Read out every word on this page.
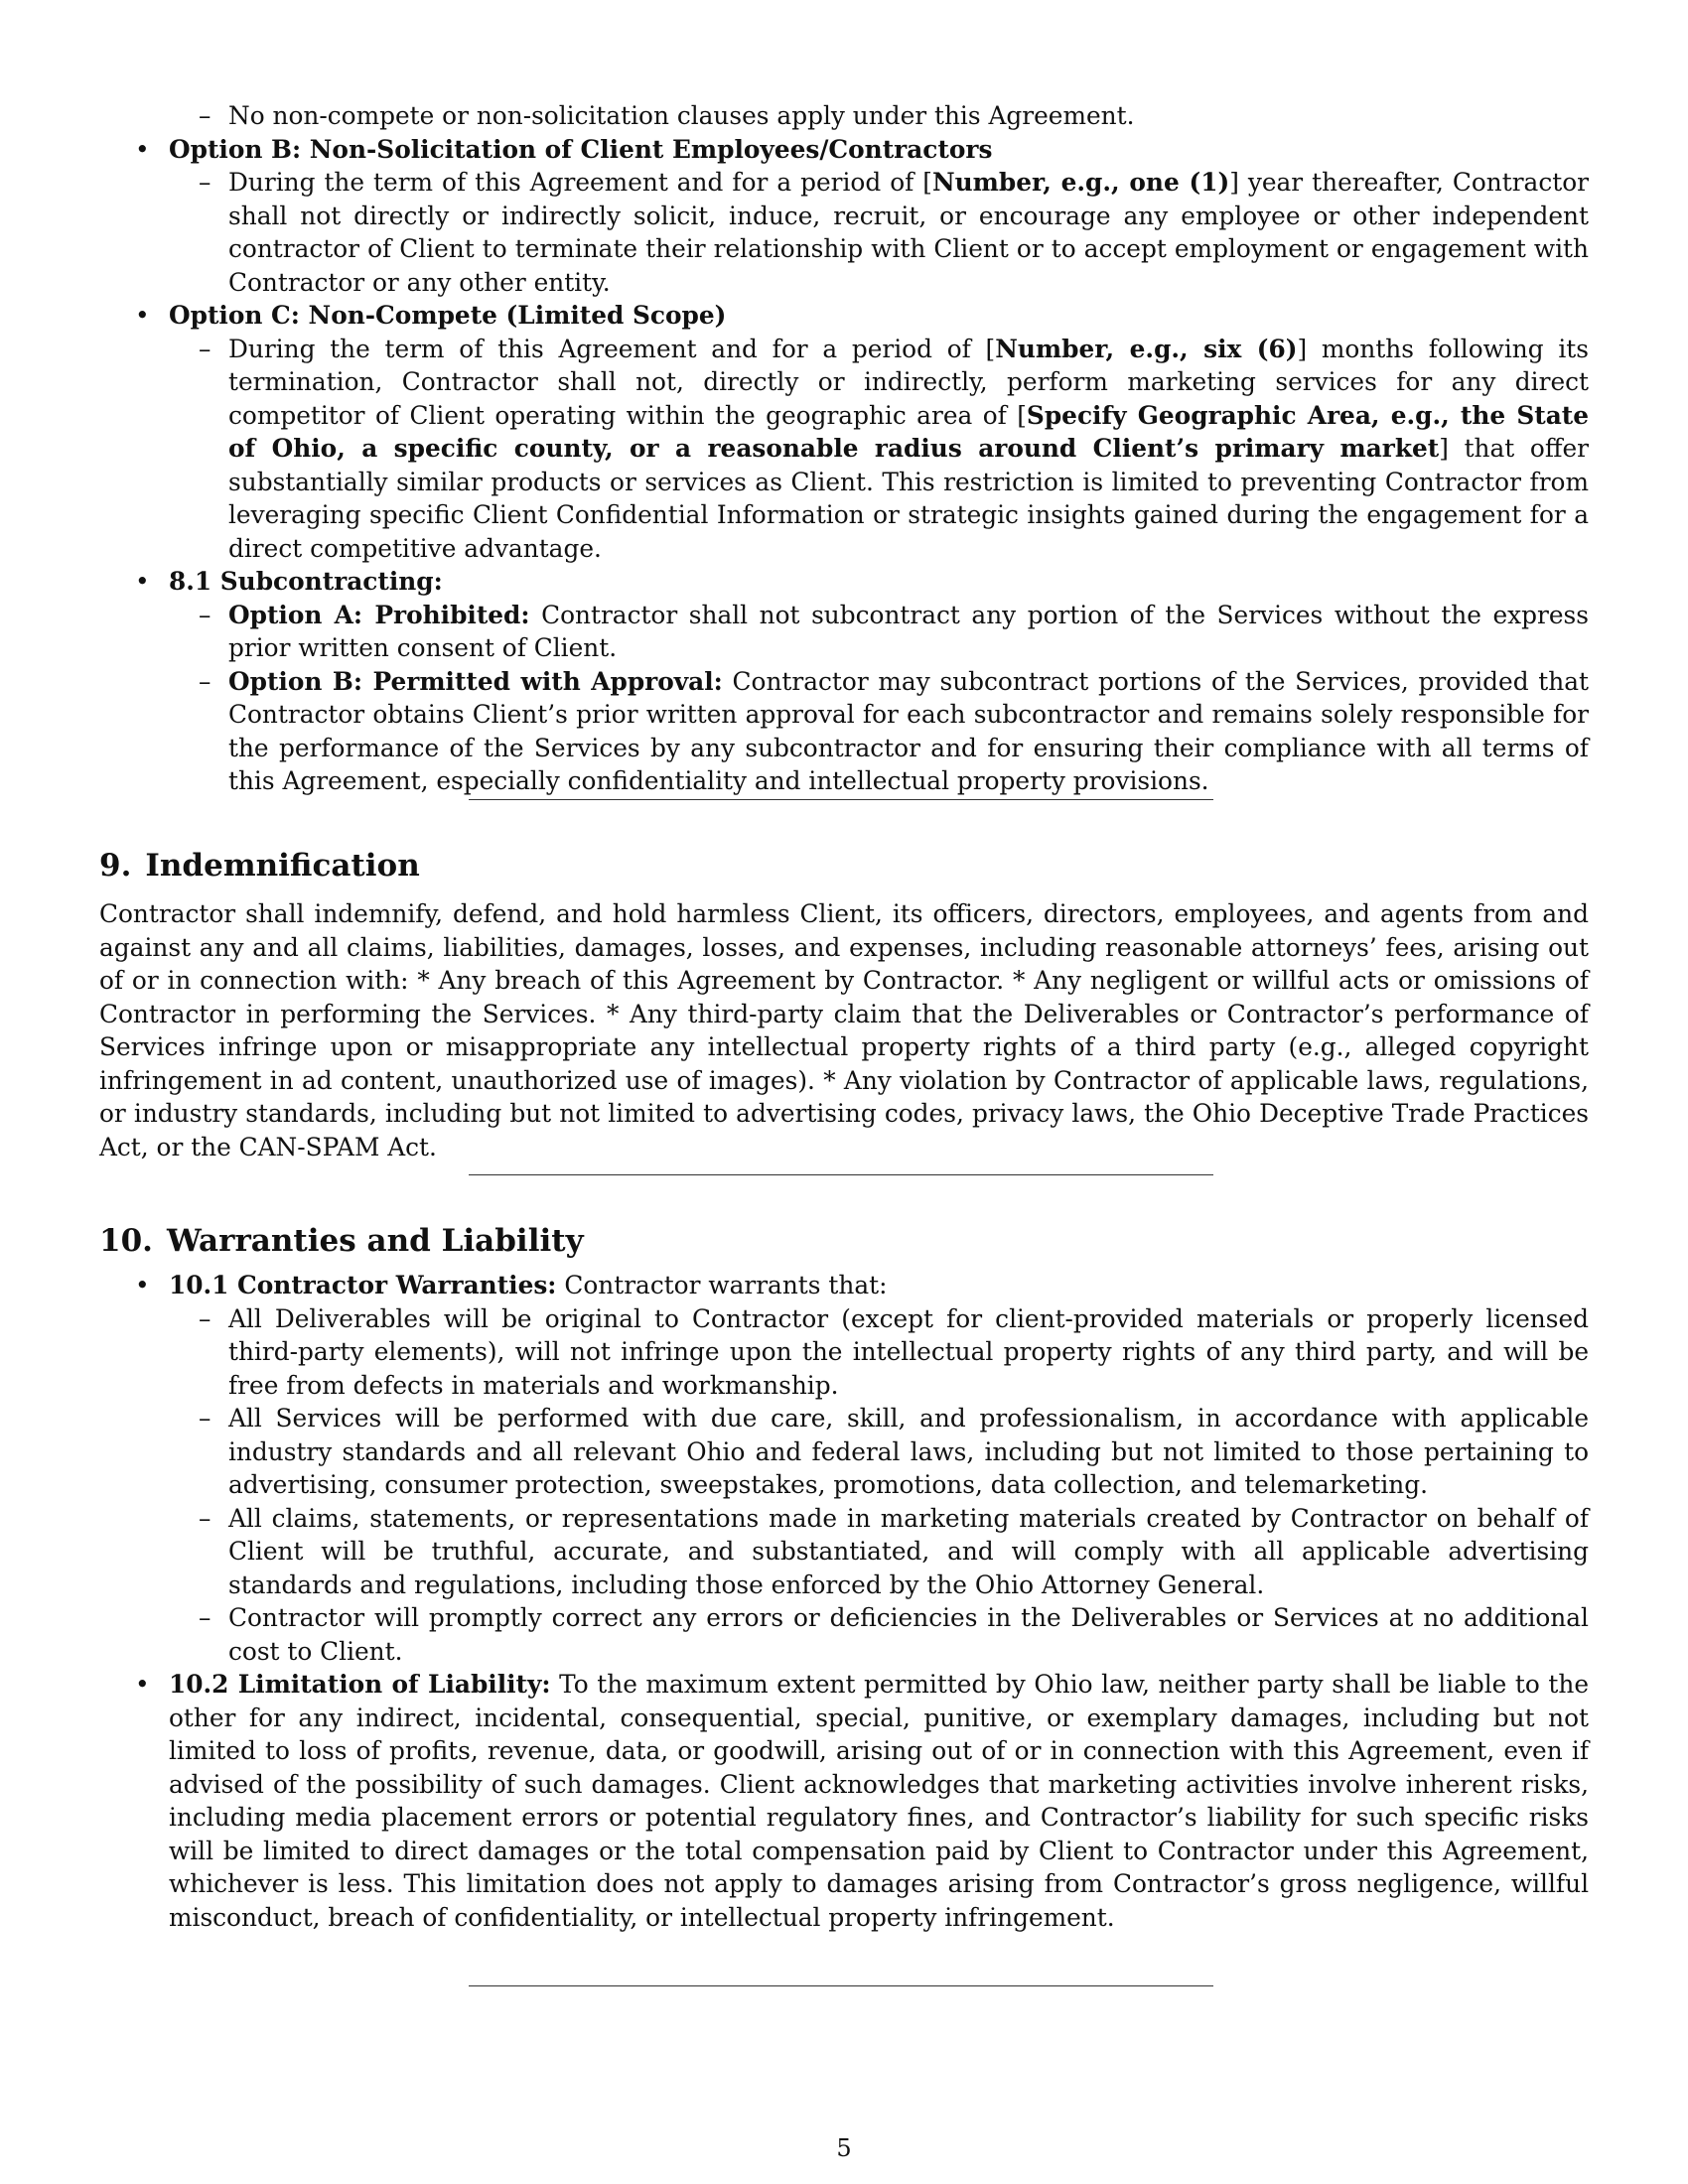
– No non-compete or non-solicitation clauses apply under this Agreement.
• Option B: Non-Solicitation of Client Employees/Contractors
– During the term of this Agreement and for a period of [Number, e.g., one (1)] year thereafter, Contractor shall not directly or indirectly solicit, induce, recruit, or encourage any employee or other independent contractor of Client to terminate their relationship with Client or to accept employment or engagement with Contractor or any other entity.
• Option C: Non-Compete (Limited Scope)
– During the term of this Agreement and for a period of [Number, e.g., six (6)] months following its termination, Contractor shall not, directly or indirectly, perform marketing services for any direct competitor of Client operating within the geographic area of [Specify Geographic Area, e.g., the State of Ohio, a specific county, or a reasonable radius around Client’s primary market] that offer substantially similar products or services as Client. This restriction is limited to preventing Contractor from leveraging specific Client Confidential Information or strategic insights gained during the engagement for a direct competitive advantage.
• 8.1 Subcontracting:
– Option A: Prohibited: Contractor shall not subcontract any portion of the Services without the express prior written consent of Client.
– Option B: Permitted with Approval: Contractor may subcontract portions of the Services, provided that Contractor obtains Client’s prior written approval for each subcontractor and remains solely responsible for the performance of the Services by any subcontractor and for ensuring their compliance with all terms of this Agreement, especially confidentiality and intellectual property provisions.
9. Indemnification

Contractor shall indemnify, defend, and hold harmless Client, its officers, directors, employees, and agents from and against any and all claims, liabilities, damages, losses, and expenses, including reasonable attorneys’ fees, arising out of or in connection with: * Any breach of this Agreement by Contractor. * Any negligent or willful acts or omissions of Contractor in performing the Services. * Any third-party claim that the Deliverables or Contractor’s performance of Services infringe upon or misappropriate any intellectual property rights of a third party (e.g., alleged copyright infringement in ad content, unauthorized use of images). * Any violation by Contractor of applicable laws, regulations, or industry standards, including but not limited to advertising codes, privacy laws, the Ohio Deceptive Trade Practices Act, or the CAN-SPAM Act.

10. Warranties and Liability
• 10.1 Contractor Warranties: Contractor warrants that:
– All Deliverables will be original to Contractor (except for client-provided materials or properly licensed third-party elements), will not infringe upon the intellectual property rights of any third party, and will be free from defects in materials and workmanship.
– All Services will be performed with due care, skill, and professionalism, in accordance with applicable industry standards and all relevant Ohio and federal laws, including but not limited to those pertaining to advertising, consumer protection, sweepstakes, promotions, data collection, and telemarketing.
– All claims, statements, or representations made in marketing materials created by Contractor on behalf of Client will be truthful, accurate, and substantiated, and will comply with all applicable advertising standards and regulations, including those enforced by the Ohio Attorney General.
– Contractor will promptly correct any errors or deficiencies in the Deliverables or Services at no additional cost to Client.
• 10.2 Limitation of Liability: To the maximum extent permitted by Ohio law, neither party shall be liable to the other for any indirect, incidental, consequential, special, punitive, or exemplary damages, including but not limited to loss of profits, revenue, data, or goodwill, arising out of or in connection with this Agreement, even if advised of the possibility of such damages. Client acknowledges that marketing activities involve inherent risks, including media placement errors or potential regulatory fines, and Contractor’s liability for such specific risks will be limited to direct damages or the total compensation paid by Client to Contractor under this Agreement, whichever is less. This limitation does not apply to damages arising from Contractor’s gross negligence, willful misconduct, breach of confidentiality, or intellectual property infringement.
5
